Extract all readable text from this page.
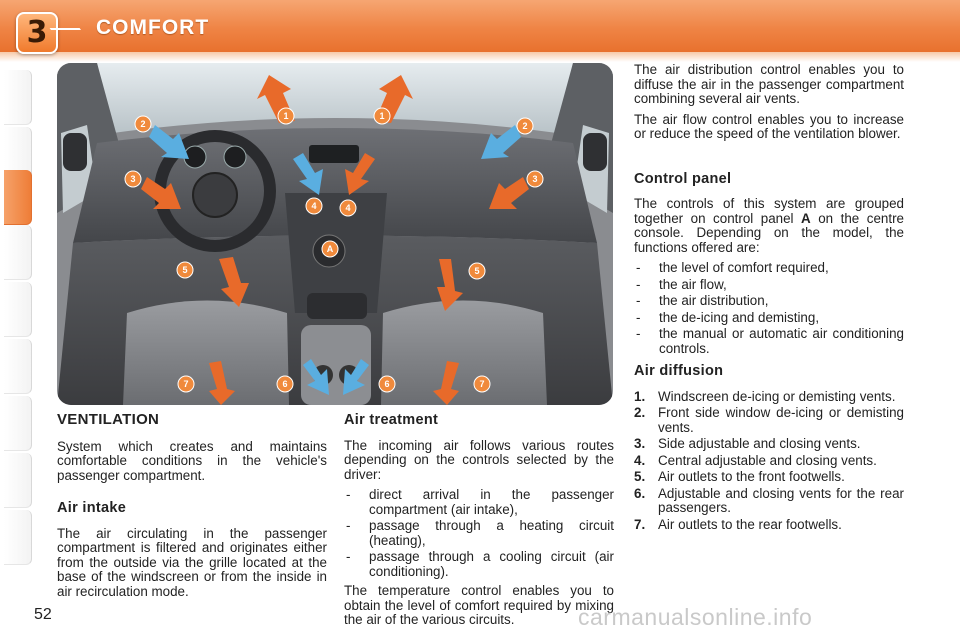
3	COMFORT
1	1
2	2
3	3
4	4
A
5	5
6	6
7	7
VENTILATION

System which creates and maintains comfortable conditions in the vehicle's passenger compartment.

Air intake

The air circulating in the passenger compartment is filtered and originates either from the outside via the grille located at the base of the windscreen or from the inside in air recirculation mode.

Air treatment

The incoming air follows various routes depending on the controls selected by the driver:

- direct arrival in the passenger compartment (air intake),
- passage through a heating circuit (heating),
- passage through a cooling circuit (air conditioning).

The temperature control enables you to obtain the level of comfort required by mixing the air of the various circuits.

The air distribution control enables you to diffuse the air in the passenger compartment combining several air vents.

The air flow control enables you to increase or reduce the speed of the ventilation blower.

Control panel

The controls of this system are grouped together on control panel A on the centre console. Depending on the model, the functions offered are:

- the level of comfort required,
- the air flow,
- the air distribution,
- the de-icing and demisting,
- the manual or automatic air conditioning controls.
Air diffusion
1. Windscreen de-icing or demisting vents.
2. Front side window de-icing or demisting vents.
3. Side adjustable and closing vents.
4. Central adjustable and closing vents.
5. Air outlets to the front footwells.
6. Adjustable and closing vents for the rear passengers.
7. Air outlets to the rear footwells.
52	carmanualsonline.info
